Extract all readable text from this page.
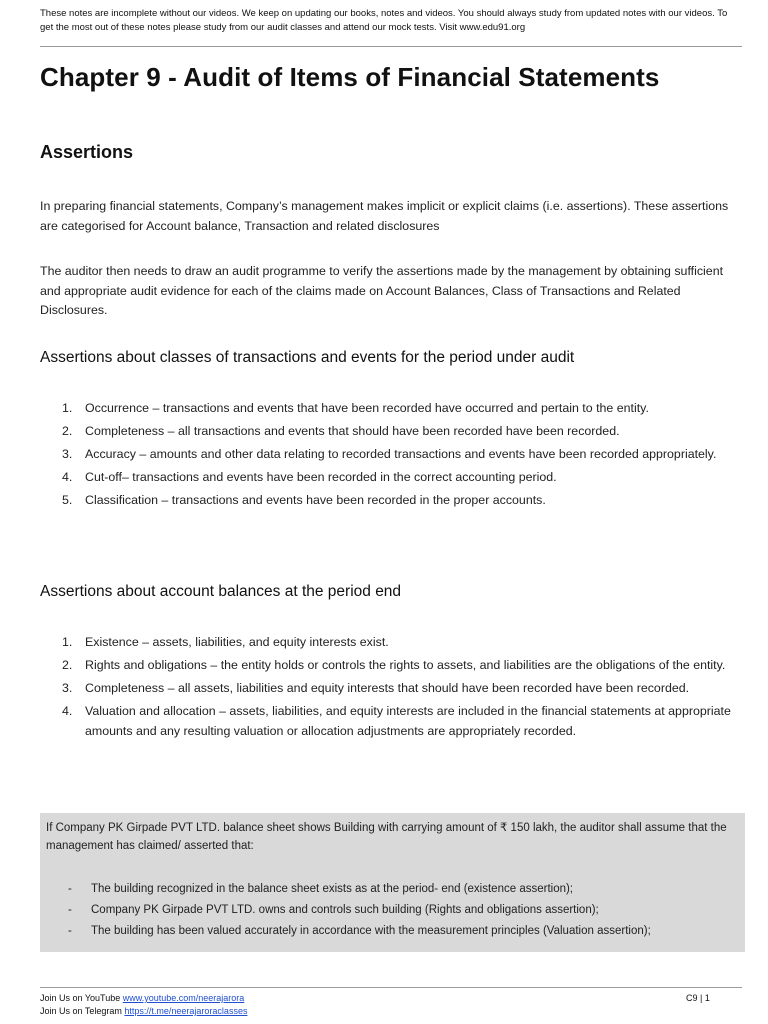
These notes are incomplete without our videos. We keep on updating our books, notes and videos. You should always study from updated notes with our videos. To get the most out of these notes please study from our audit classes and attend our mock tests. Visit www.edu91.org
Chapter 9 - Audit of Items of Financial Statements
Assertions

In preparing financial statements, Company’s management makes implicit or explicit claims (i.e. assertions). These assertions are categorised for Account balance, Transaction and related disclosures

The auditor then needs to draw an audit programme to verify the assertions made by the management by obtaining sufficient and appropriate audit evidence for each of the claims made on Account Balances, Class of Transactions and Related Disclosures.

Assertions about classes of transactions and events for the period under audit
1. Occurrence – transactions and events that have been recorded have occurred and pertain to the entity.
2. Completeness – all transactions and events that should have been recorded have been recorded.
3. Accuracy – amounts and other data relating to recorded transactions and events have been recorded appropriately.
4. Cut-off– transactions and events have been recorded in the correct accounting period.
5. Classification – transactions and events have been recorded in the proper accounts.
Assertions about account balances at the period end
1. Existence – assets, liabilities, and equity interests exist.
2. Rights and obligations – the entity holds or controls the rights to assets, and liabilities are the obligations of the entity.
3. Completeness – all assets, liabilities and equity interests that should have been recorded have been recorded.
4. Valuation and allocation – assets, liabilities, and equity interests are included in the financial statements at appropriate amounts and any resulting valuation or allocation adjustments are appropriately recorded.

If Company PK Girpade PVT LTD. balance sheet shows Building with carrying amount of ₹ 150 lakh, the auditor shall assume that the management has claimed/ asserted that:

- The building recognized in the balance sheet exists as at the period- end (existence assertion);
- Company PK Girpade PVT LTD. owns and controls such building (Rights and obligations assertion);
- The building has been valued accurately in accordance with the measurement principles (Valuation assertion);
Join Us on YouTube www.youtube.com/neerajarora
Join Us on Telegram https://t.me/neerajaroraclasses
C9 | 1
